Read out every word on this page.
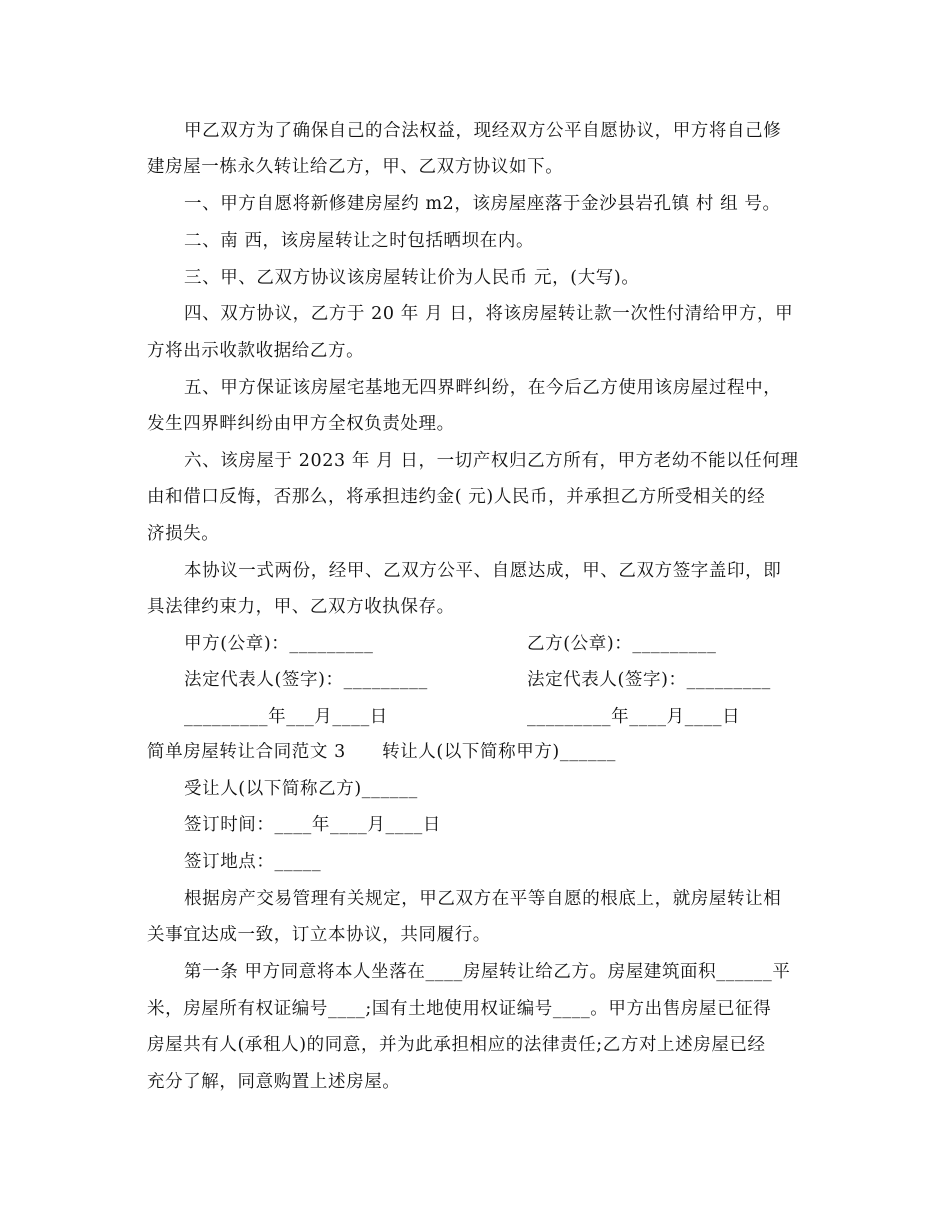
甲乙双方为了确保自己的合法权益，现经双方公平自愿协议，甲方将自己修
建房屋一栋永久转让给乙方，甲、乙双方协议如下。
一、甲方自愿将新修建房屋约 m2，该房屋座落于金沙县岩孔镇 村 组 号。
二、南 西，该房屋转让之时包括晒坝在内。
三、甲、乙双方协议该房屋转让价为人民币 元，(大写)。
四、双方协议，乙方于 20 年 月 日，将该房屋转让款一次性付清给甲方，甲
方将出示收款收据给乙方。
五、甲方保证该房屋宅基地无四界畔纠纷，在今后乙方使用该房屋过程中，
发生四界畔纠纷由甲方全权负责处理。
六、该房屋于 2023 年 月 日，一切产权归乙方所有，甲方老幼不能以任何理
由和借口反悔，否那么，将承担违约金( 元)人民币，并承担乙方所受相关的经
济损失。
本协议一式两份，经甲、乙双方公平、自愿达成，甲、乙双方签字盖印，即
具法律约束力，甲、乙双方收执保存。
甲方(公章)：_________	乙方(公章)：_________
法定代表人(签字)：_________	法定代表人(签字)：_________
_________年___月____日	_________年____月____日
简单房屋转让合同范文 3　　转让人(以下简称甲方)______
受让人(以下简称乙方)______
签订时间：____年____月____日
签订地点：_____
根据房产交易管理有关规定，甲乙双方在平等自愿的根底上，就房屋转让相
关事宜达成一致，订立本协议，共同履行。
第一条 甲方同意将本人坐落在____房屋转让给乙方。房屋建筑面积______平
米，房屋所有权证编号____;国有土地使用权证编号____。甲方出售房屋已征得
房屋共有人(承租人)的同意，并为此承担相应的法律责任;乙方对上述房屋已经
充分了解，同意购置上述房屋。
